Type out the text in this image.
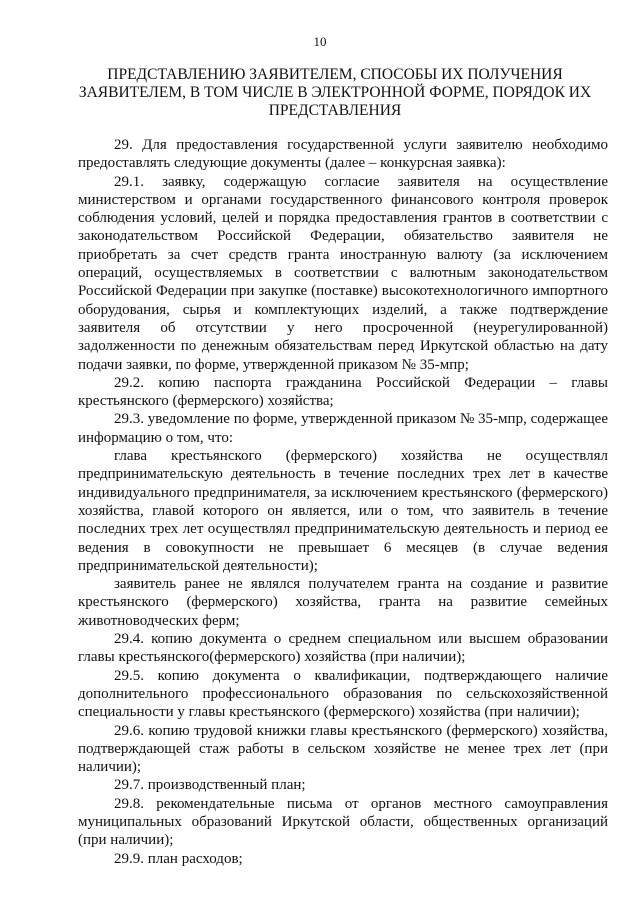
10
ПРЕДСТАВЛЕНИЮ ЗАЯВИТЕЛЕМ, СПОСОБЫ ИХ ПОЛУЧЕНИЯ
ЗАЯВИТЕЛЕМ, В ТОМ ЧИСЛЕ В ЭЛЕКТРОННОЙ ФОРМЕ, ПОРЯДОК ИХ
ПРЕДСТАВЛЕНИЯ

29. Для предоставления государственной услуги заявителю необходимо предоставлять следующие документы (далее – конкурсная заявка):

29.1. заявку, содержащую согласие заявителя на осуществление министерством и органами государственного финансового контроля проверок соблюдения условий, целей и порядка предоставления грантов в соответствии с законодательством Российской Федерации, обязательство заявителя не приобретать за счет средств гранта иностранную валюту (за исключением операций, осуществляемых в соответствии с валютным законодательством Российской Федерации при закупке (поставке) высокотехнологичного импортного оборудования, сырья и комплектующих изделий, а также подтверждение заявителя об отсутствии у него просроченной (неурегулированной) задолженности по денежным обязательствам перед Иркутской областью на дату подачи заявки, по форме, утвержденной приказом № 35-мпр;

29.2. копию паспорта гражданина Российской Федерации – главы крестьянского (фермерского) хозяйства;

29.3. уведомление по форме, утвержденной приказом № 35-мпр, содержащее информацию о том, что:

глава крестьянского (фермерского) хозяйства не осуществлял предпринимательскую деятельность в течение последних трех лет в качестве индивидуального предпринимателя, за исключением крестьянского (фермерского) хозяйства, главой которого он является, или о том, что заявитель в течение последних трех лет осуществлял предпринимательскую деятельность и период ее ведения в совокупности не превышает 6 месяцев (в случае ведения предпринимательской деятельности);

заявитель ранее не являлся получателем гранта на создание и развитие крестьянского (фермерского) хозяйства, гранта на развитие семейных животноводческих ферм;

29.4. копию документа о среднем специальном или высшем образовании главы крестьянского(фермерского) хозяйства (при наличии);

29.5. копию документа о квалификации, подтверждающего наличие дополнительного профессионального образования по сельскохозяйственной специальности у главы крестьянского (фермерского) хозяйства (при наличии);

29.6. копию трудовой книжки главы крестьянского (фермерского) хозяйства, подтверждающей стаж работы в сельском хозяйстве не менее трех лет (при наличии);

29.7. производственный план;

29.8. рекомендательные письма от органов местного самоуправления муниципальных образований Иркутской области, общественных организаций (при наличии);

29.9. план расходов;
